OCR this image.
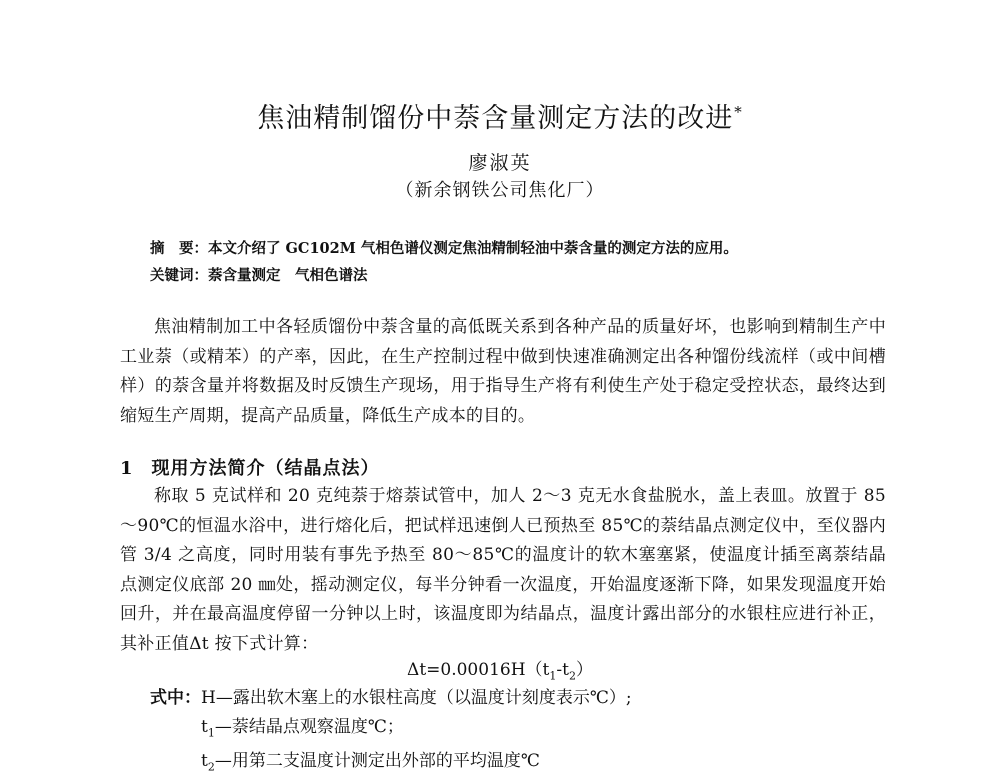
焦油精制馏份中萘含量测定方法的改进*
廖淑英
（新余钢铁公司焦化厂）
摘　要：本文介绍了 GC102M 气相色谱仪测定焦油精制轻油中萘含量的测定方法的应用。
关键词：萘含量测定　气相色谱法

焦油精制加工中各轻质馏份中萘含量的高低既关系到各种产品的质量好坏，也影响到精制生产中工业萘（或精苯）的产率，因此，在生产控制过程中做到快速准确测定出各种馏份线流样（或中间槽样）的萘含量并将数据及时反馈生产现场，用于指导生产将有利使生产处于稳定受控状态，最终达到缩短生产周期，提高产品质量，降低生产成本的目的。

1 现用方法简介（结晶点法）

称取 5 克试样和 20 克纯萘于熔萘试管中，加人 2～3 克无水食盐脱水，盖上表皿。放置于 85～90℃的恒温水浴中，进行熔化后，把试样迅速倒人已预热至 85℃的萘结晶点测定仪中，至仪器内管 3/4 之高度，同时用装有事先予热至 80～85℃的温度计的软木塞塞紧，使温度计插至离萘结晶点测定仪底部 20 ㎜处，摇动测定仪，每半分钟看一次温度，开始温度逐渐下降，如果发现温度开始回升，并在最高温度停留一分钟以上时，该温度即为结晶点，温度计露出部分的水银柱应进行补正，其补正值Δt 按下式计算：

$\Delta t=0.00016H(t_1-t_2)$
式中：H—露出软木塞上的水银柱高度（以温度计刻度表示℃）;
$t_1—$萘结晶点观察温度℃；
$t_2—$用第二支温度计测定出外部的平均温度℃
